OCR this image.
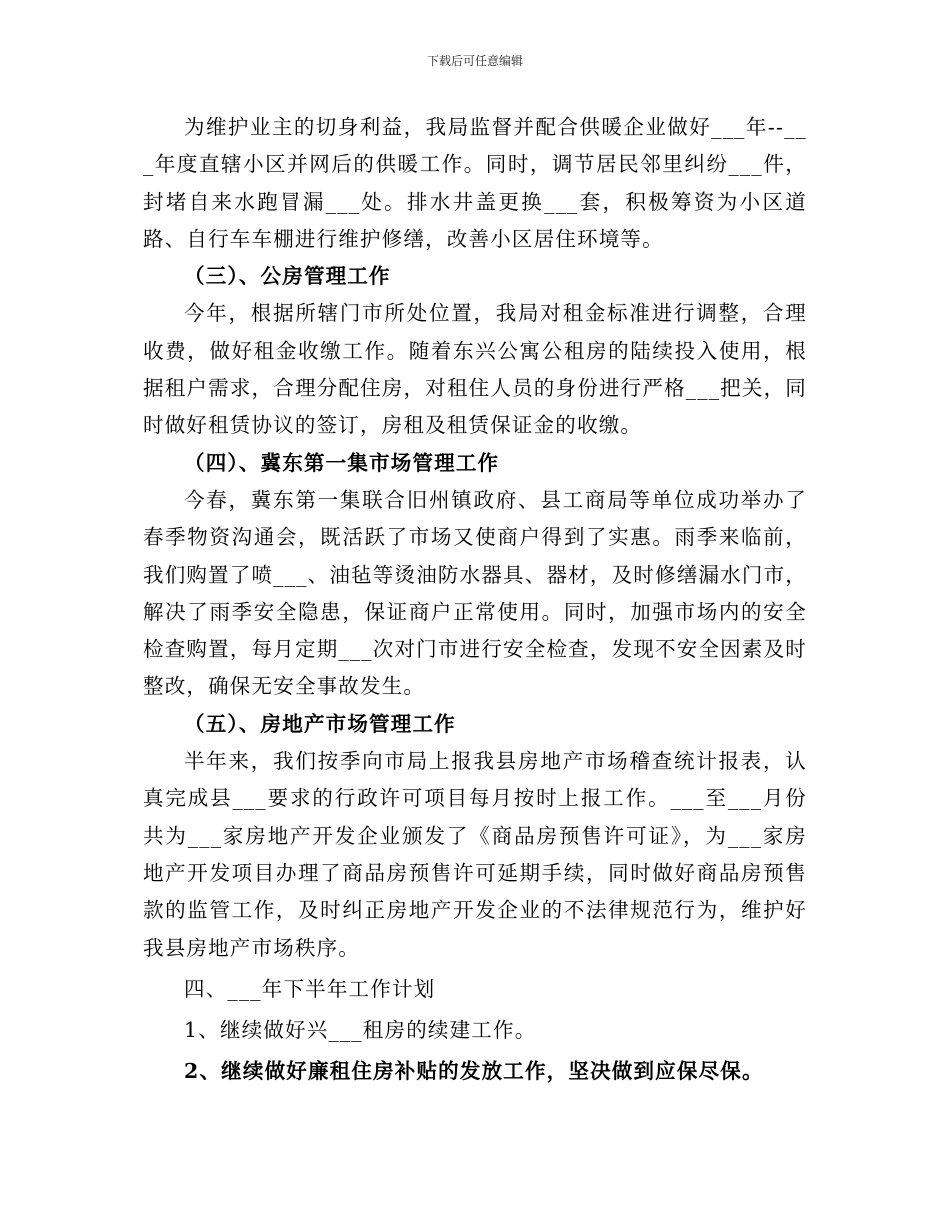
下载后可任意编辑

为维护业主的切身利益，我局监督并配合供暖企业做好___年--___年度直辖小区并网后的供暖工作。同时，调节居民邻里纠纷___件，封堵自来水跑冒漏___处。排水井盖更换___套，积极筹资为小区道路、自行车车棚进行维护修缮，改善小区居住环境等。

（三）、公房管理工作

今年，根据所辖门市所处位置，我局对租金标准进行调整，合理收费，做好租金收缴工作。随着东兴公寓公租房的陆续投入使用，根据租户需求，合理分配住房，对租住人员的身份进行严格___把关，同时做好租赁协议的签订，房租及租赁保证金的收缴。

（四）、冀东第一集市场管理工作

今春，冀东第一集联合旧州镇政府、县工商局等单位成功举办了春季物资沟通会，既活跃了市场又使商户得到了实惠。雨季来临前，我们购置了喷___、油毡等烫油防水器具、器材，及时修缮漏水门市，解决了雨季安全隐患，保证商户正常使用。同时，加强市场内的安全检查购置，每月定期___次对门市进行安全检查，发现不安全因素及时整改，确保无安全事故发生。

（五）、房地产市场管理工作

半年来，我们按季向市局上报我县房地产市场稽查统计报表，认真完成县___要求的行政许可项目每月按时上报工作。___至___月份共为___家房地产开发企业颁发了《商品房预售许可证》，为___家房地产开发项目办理了商品房预售许可延期手续，同时做好商品房预售款的监管工作，及时纠正房地产开发企业的不法律规范行为，维护好我县房地产市场秩序。

四、___年下半年工作计划

1、继续做好兴___租房的续建工作。

2、继续做好廉租住房补贴的发放工作，坚决做到应保尽保。
